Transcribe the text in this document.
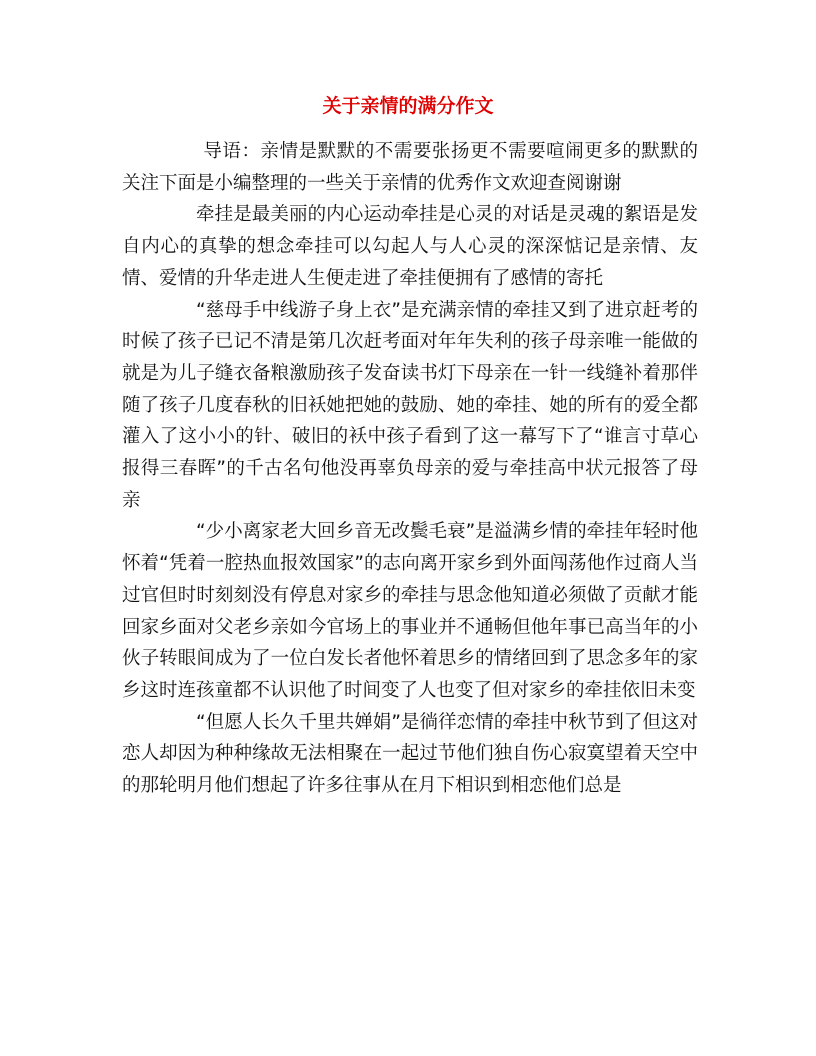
关于亲情的满分作文

导语：亲情是默默的不需要张扬更不需要喧闹更多的默默的关注下面是小编整理的一些关于亲情的优秀作文欢迎查阅谢谢

牵挂是最美丽的内心运动牵挂是心灵的对话是灵魂的絮语是发自内心的真挚的想念牵挂可以勾起人与人心灵的深深惦记是亲情、友情、爱情的升华走进人生便走进了牵挂便拥有了感情的寄托

“慈母手中线游子身上衣”是充满亲情的牵挂又到了进京赶考的时候了孩子已记不清是第几次赶考面对年年失利的孩子母亲唯一能做的就是为儿子缝衣备粮激励孩子发奋读书灯下母亲在一针一线缝补着那伴随了孩子几度春秋的旧袄她把她的鼓励、她的牵挂、她的所有的爱全都灌入了这小小的针、破旧的袄中孩子看到了这一幕写下了“谁言寸草心报得三春晖”的千古名句他没再辜负母亲的爱与牵挂高中状元报答了母亲

“少小离家老大回乡音无改鬓毛衰”是溢满乡情的牵挂年轻时他怀着“凭着一腔热血报效国家”的志向离开家乡到外面闯荡他作过商人当过官但时时刻刻没有停息对家乡的牵挂与思念他知道必须做了贡献才能回家乡面对父老乡亲如今官场上的事业并不通畅但他年事已高当年的小伙子转眼间成为了一位白发长者他怀着思乡的情绪回到了思念多年的家乡这时连孩童都不认识他了时间变了人也变了但对家乡的牵挂依旧未变

“但愿人长久千里共婵娟”是徜徉恋情的牵挂中秋节到了但这对恋人却因为种种缘故无法相聚在一起过节他们独自伤心寂寞望着天空中的那轮明月他们想起了许多往事从在月下相识到相恋他们总是
